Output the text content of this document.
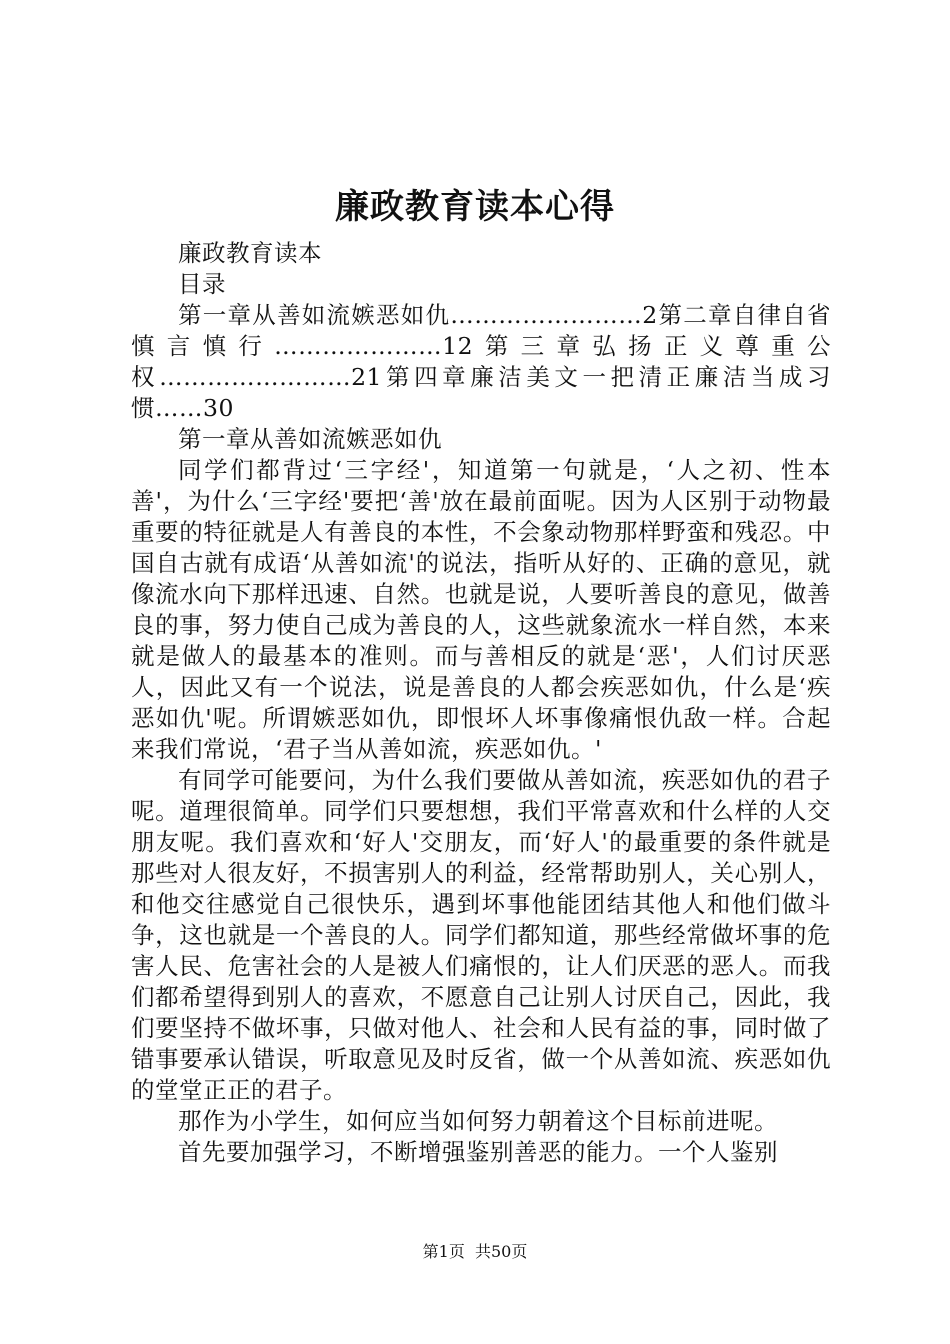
廉政教育读本心得

廉政教育读本

目录

第一章从善如流嫉恶如仇……………………2第二章自律自省慎言慎行…………………12第三章弘扬正义尊重公权……………………21第四章廉洁美文一把清正廉洁当成习惯……30

第一章从善如流嫉恶如仇

同学们都背过‘三字经'，知道第一句就是，‘人之初、性本善'，为什么‘三字经'要把‘善'放在最前面呢。因为人区别于动物最重要的特征就是人有善良的本性，不会象动物那样野蛮和残忍。中国自古就有成语‘从善如流'的说法，指听从好的、正确的意见，就像流水向下那样迅速、自然。也就是说，人要听善良的意见，做善良的事，努力使自己成为善良的人，这些就象流水一样自然，本来就是做人的最基本的准则。而与善相反的就是‘恶'，人们讨厌恶人，因此又有一个说法，说是善良的人都会疾恶如仇，什么是‘疾恶如仇'呢。所谓嫉恶如仇，即恨坏人坏事像痛恨仇敌一样。合起来我们常说，‘君子当从善如流，疾恶如仇。'

有同学可能要问，为什么我们要做从善如流，疾恶如仇的君子呢。道理很简单。同学们只要想想，我们平常喜欢和什么样的人交朋友呢。我们喜欢和‘好人'交朋友，而‘好人'的最重要的条件就是那些对人很友好，不损害别人的利益，经常帮助别人，关心别人，和他交往感觉自己很快乐，遇到坏事他能团结其他人和他们做斗争，这也就是一个善良的人。同学们都知道，那些经常做坏事的危害人民、危害社会的人是被人们痛恨的，让人们厌恶的恶人。而我们都希望得到别人的喜欢，不愿意自己让别人讨厌自己，因此，我们要坚持不做坏事，只做对他人、社会和人民有益的事，同时做了错事要承认错误，听取意见及时反省，做一个从善如流、疾恶如仇的堂堂正正的君子。

那作为小学生，如何应当如何努力朝着这个目标前进呢。

首先要加强学习，不断增强鉴别善恶的能力。一个人鉴别

第1页  共50页
